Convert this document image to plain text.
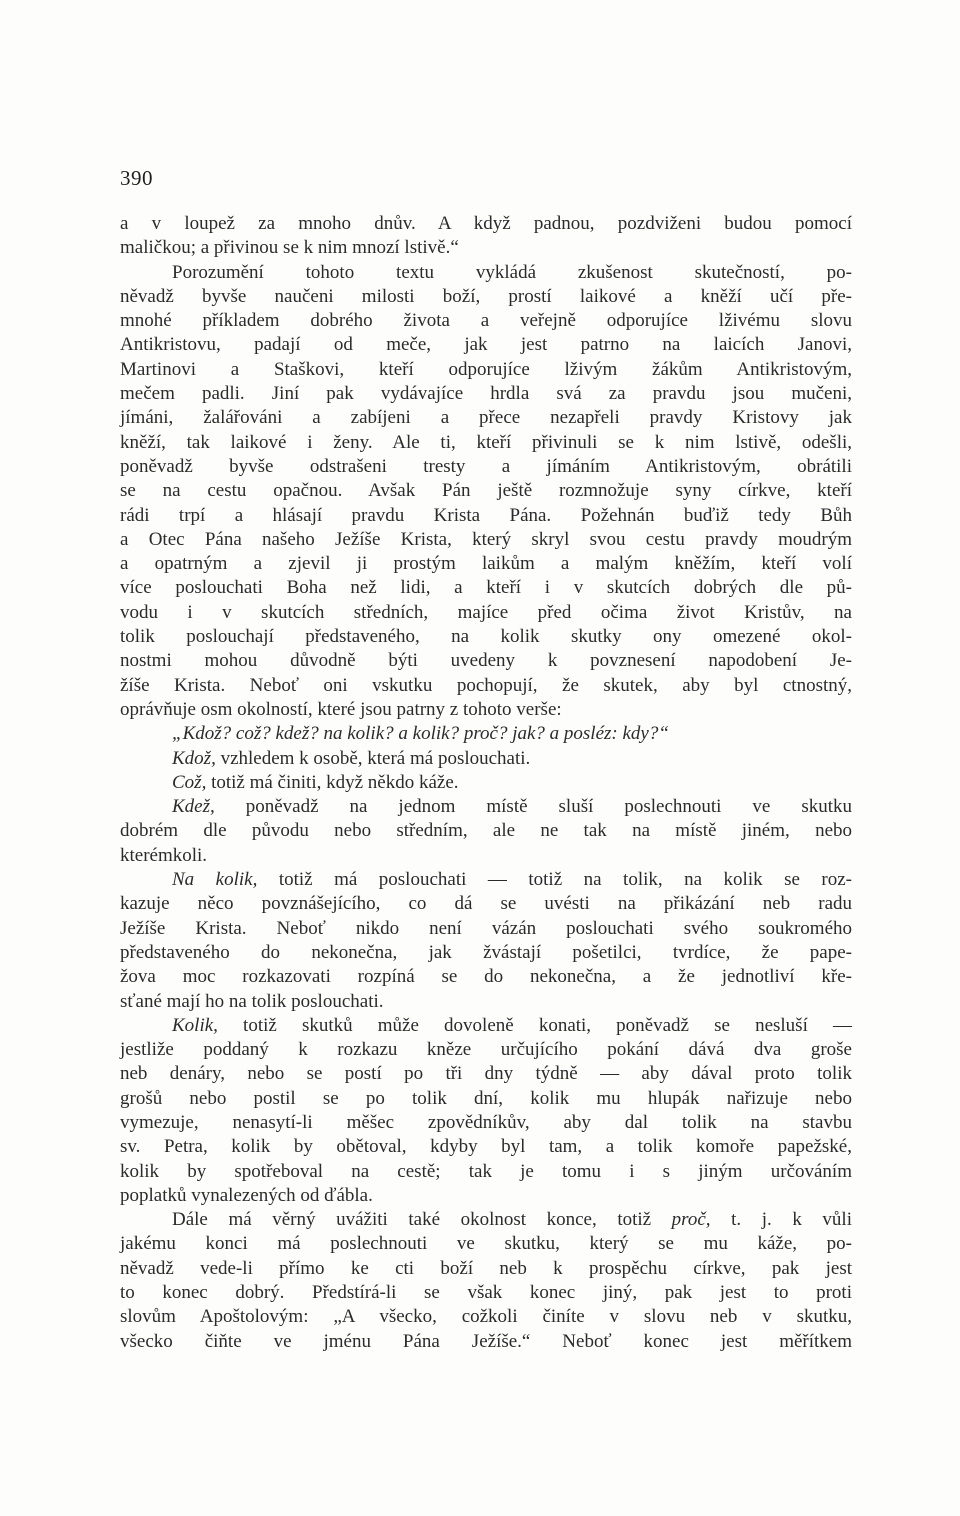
390
a v loupež za mnoho dnův. A když padnou, pozdviženi budou pomocí
maličkou; a přivinou se k nim mnozí lstivě.“
Porozumění tohoto textu vykládá zkušenost skutečností, po-
něvadž byvše naučeni milosti boží, prostí laikové a kněží učí pře-
mnohé příkladem dobrého života a veřejně odporujíce lživému slovu
Antikristovu, padají od meče, jak jest patrno na laicích Janovi,
Martinovi a Staškovi, kteří odporujíce lživým žákům Antikristovým,
mečem padli. Jiní pak vydávajíce hrdla svá za pravdu jsou mučeni,
jímáni, žalářováni a zabíjeni a přece nezapřeli pravdy Kristovy jak
kněží, tak laikové i ženy. Ale ti, kteří přivinuli se k nim lstivě, odešli,
poněvadž byvše odstrašeni tresty a jímáním Antikristovým, obrátili
se na cestu opačnou. Avšak Pán ještě rozmnožuje syny církve, kteří
rádi trpí a hlásají pravdu Krista Pána. Požehnán buďiž tedy Bůh
a Otec Pána našeho Ježíše Krista, který skryl svou cestu pravdy moudrým
a opatrným a zjevil ji prostým laikům a malým kněžím, kteří volí
více poslouchati Boha než lidi, a kteří i v skutcích dobrých dle pů-
vodu i v skutcích středních, majíce před očima život Kristův, na
tolik poslouchají představeného, na kolik skutky ony omezené okol-
nostmi mohou důvodně býti uvedeny k povznesení napodobení Je-
žíše Krista. Neboť oni vskutku pochopují, že skutek, aby byl ctnostný,
oprávňuje osm okolností, které jsou patrny z tohoto verše:
„Kdož? což? kdež? na kolik? a kolik? proč? jak? a posléz: kdy?“
Kdož, vzhledem k osobě, která má poslouchati.
Což, totiž má činiti, když někdo káže.
Kdež, poněvadž na jednom místě sluší poslechnouti ve skutku
dobrém dle původu nebo středním, ale ne tak na místě jiném, nebo
kterémkoli.
Na kolik, totiž má poslouchati — totiž na tolik, na kolik se roz-
kazuje něco povznášejícího, co dá se uvésti na přikázání neb radu
Ježíše Krista. Neboť nikdo není vázán poslouchati svého soukromého
představeného do nekonečna, jak žvástají pošetilci, tvrdíce, že pape-
žova moc rozkazovati rozpíná se do nekonečna, a že jednotliví kře-
sťané mají ho na tolik poslouchati.
Kolik, totiž skutků může dovoleně konati, poněvadž se nesluší —
jestliže poddaný k rozkazu kněze určujícího pokání dává dva groše
neb denáry, nebo se postí po tři dny týdně — aby dával proto tolik
grošů nebo postil se po tolik dní, kolik mu hlupák nařizuje nebo
vymezuje, nenasytí-li měšec zpovědníkův, aby dal tolik na stavbu
sv. Petra, kolik by obětoval, kdyby byl tam, a tolik komoře papežské,
kolik by spotřeboval na cestě; tak je tomu i s jiným určováním
poplatků vynalezených od ďábla.
Dále má věrný uvážiti také okolnost konce, totiž proč, t. j. k vůli
jakému konci má poslechnouti ve skutku, který se mu káže, po-
něvadž vede-li přímo ke cti boží neb k prospěchu církve, pak jest
to konec dobrý. Předstírá-li se však konec jiný, pak jest to proti
slovům Apoštolovým: „A všecko, cožkoli činíte v slovu neb v skutku,
všecko čiňte ve jménu Pána Ježíše.“ Neboť konec jest měřítkem
